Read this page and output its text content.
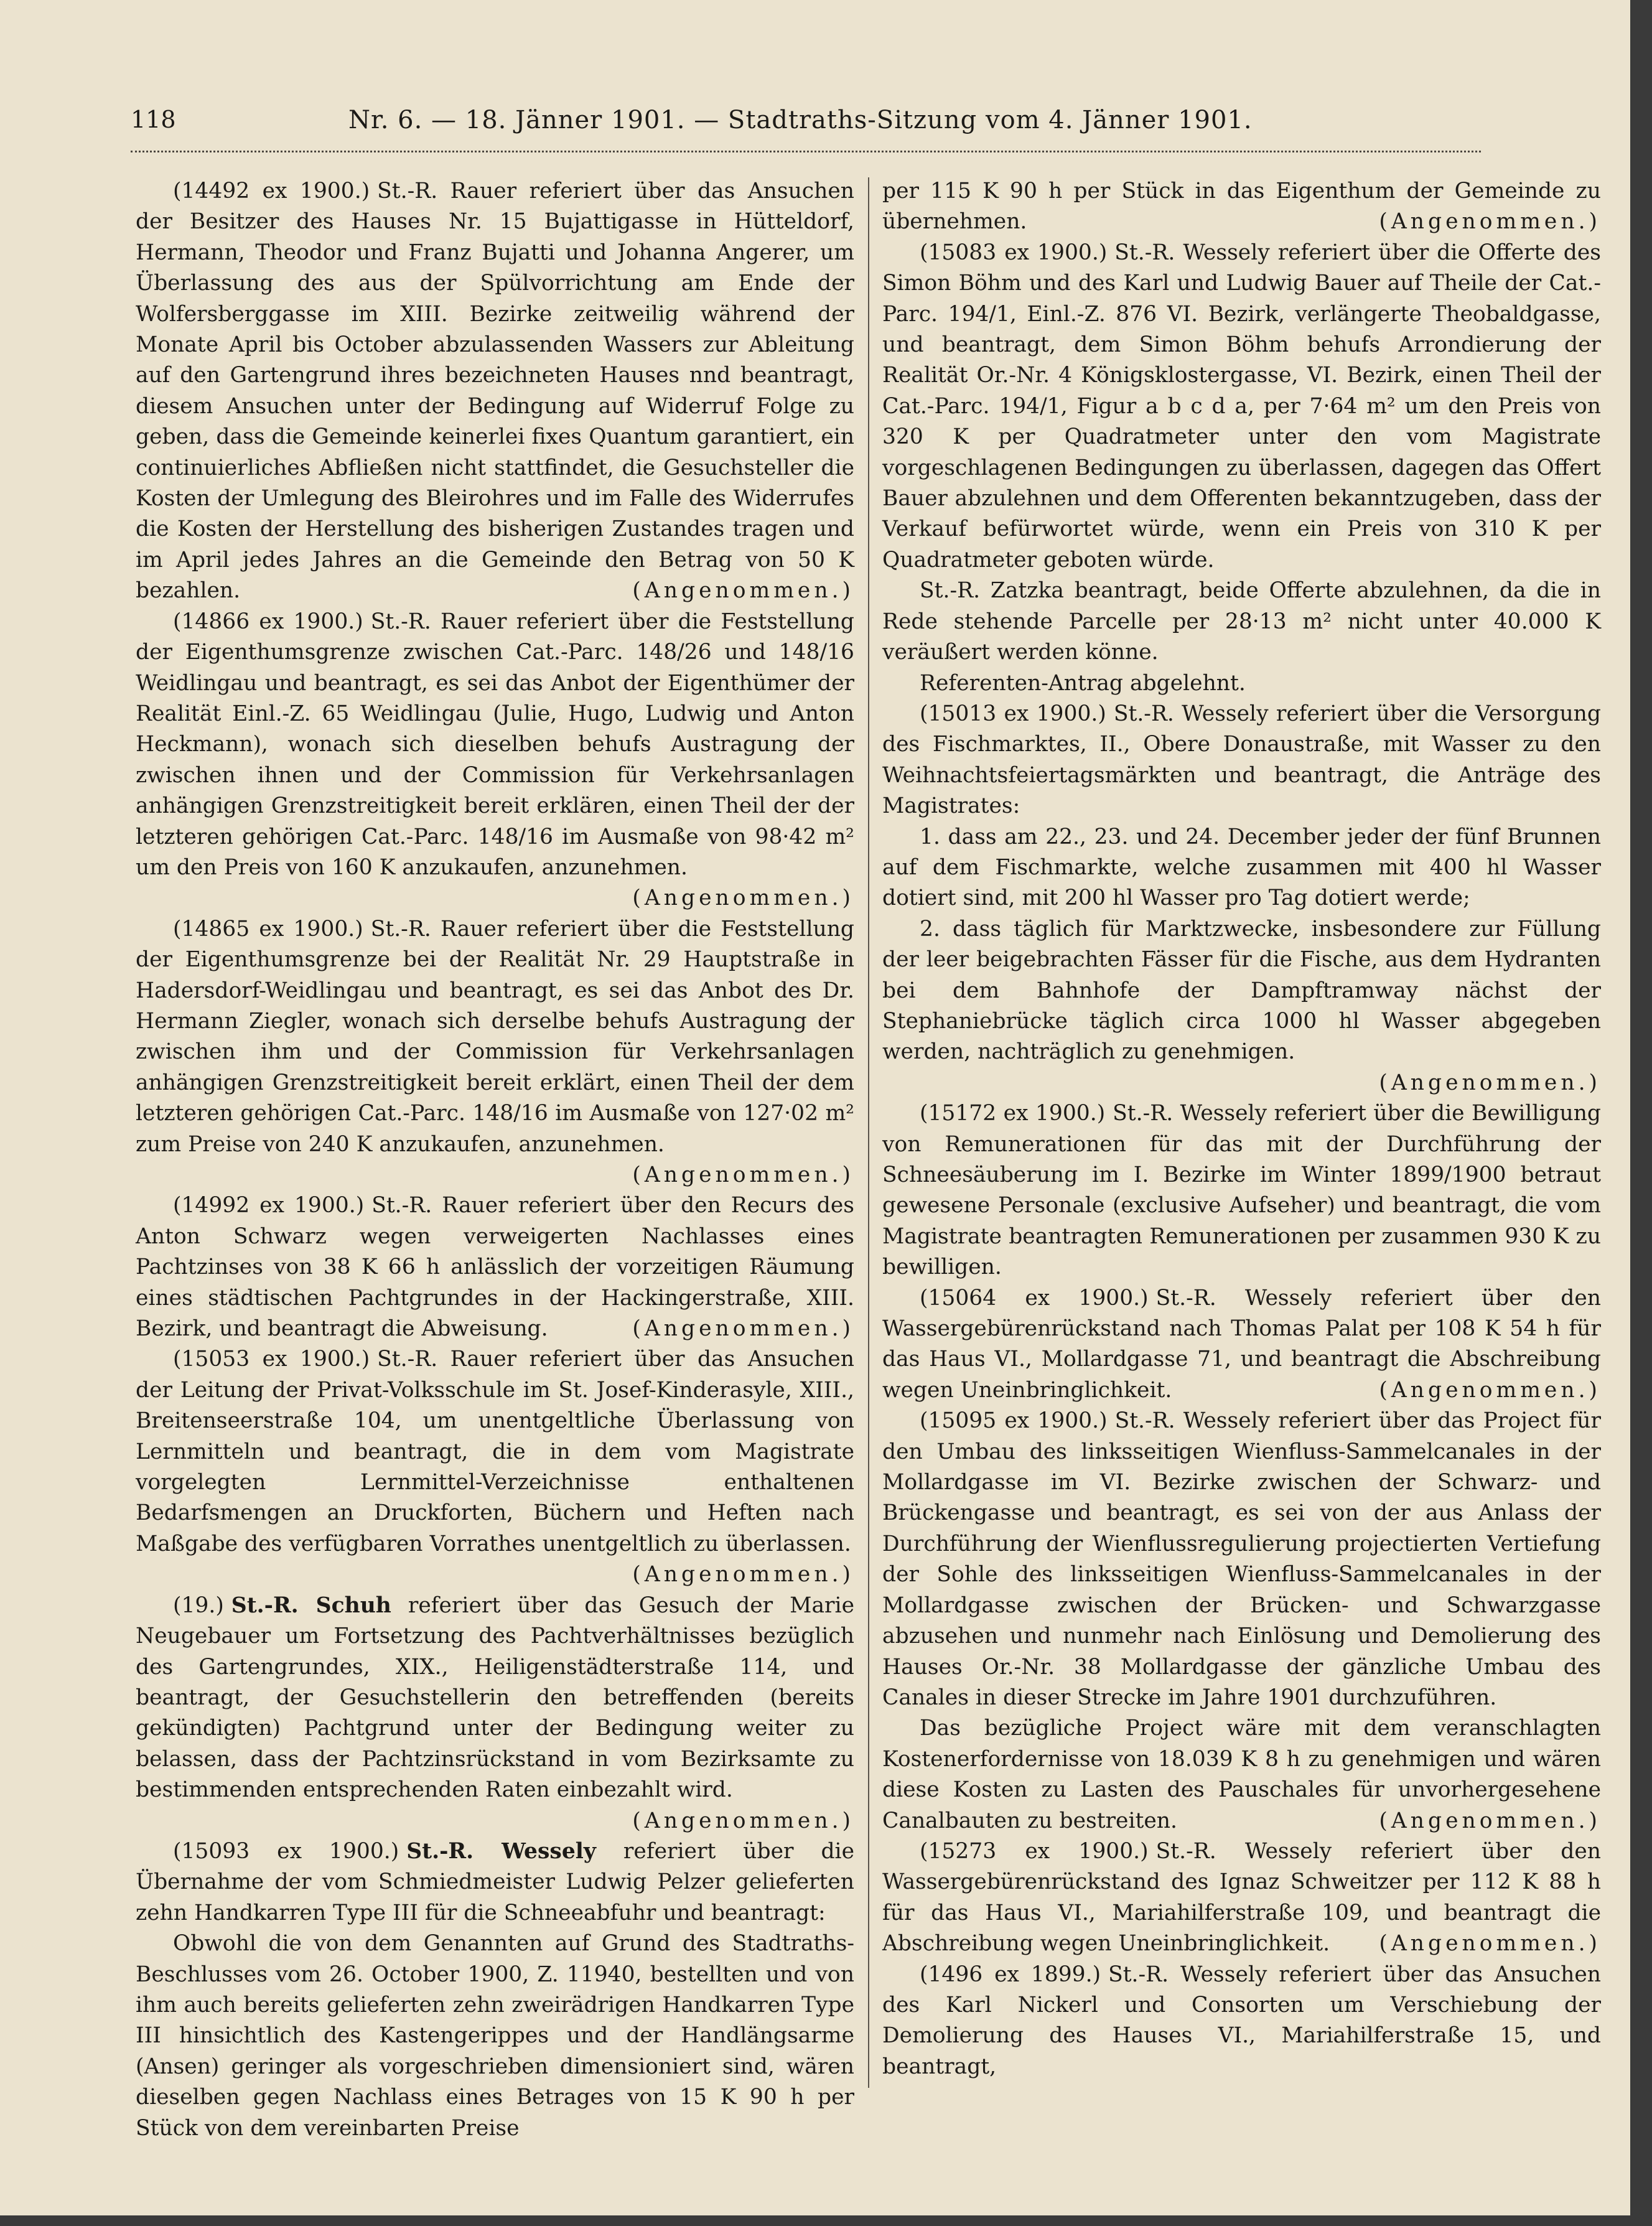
118	Nr. 6. — 18. Jänner 1901. — Stadtraths-Sitzung vom 4. Jänner 1901.

(14492 ex 1900.) St.-R. Rauer referiert über das Ansuchen der Besitzer des Hauses Nr. 15 Bujattigasse in Hütteldorf, Hermann, Theodor und Franz Bujatti und Johanna Angerer, um Überlassung des aus der Spülvorrichtung am Ende der Wolfersberggasse im XIII. Bezirke zeitweilig während der Monate April bis October abzulassenden Wassers zur Ableitung auf den Gartengrund ihres bezeichneten Hauses nnd beantragt, diesem Ansuchen unter der Bedingung auf Widerruf Folge zu geben, dass die Gemeinde keinerlei fixes Quantum garantiert, ein continuierliches Abfließen nicht stattfindet, die Gesuchsteller die Kosten der Umlegung des Bleirohres und im Falle des Widerrufes die Kosten der Herstellung des bisherigen Zustandes tragen und im April jedes Jahres an die Gemeinde den Betrag von 50 K bezahlen.	(Angenommen.)

(14866 ex 1900.) St.-R. Rauer referiert über die Feststellung der Eigenthumsgrenze zwischen Cat.-Parc. 148/26 und 148/16 Weidlingau und beantragt, es sei das Anbot der Eigenthümer der Realität Einl.-Z. 65 Weidlingau (Julie, Hugo, Ludwig und Anton Heckmann), wonach sich dieselben behufs Austragung der zwischen ihnen und der Commission für Verkehrsanlagen anhängigen Grenzstreitigkeit bereit erklären, einen Theil der der letzteren gehörigen Cat.-Parc. 148/16 im Ausmaße von 98·42 m² um den Preis von 160 K anzukaufen, anzunehmen.
(Angenommen.)

(14865 ex 1900.) St.-R. Rauer referiert über die Feststellung der Eigenthumsgrenze bei der Realität Nr. 29 Hauptstraße in Hadersdorf-Weidlingau und beantragt, es sei das Anbot des Dr. Hermann Ziegler, wonach sich derselbe behufs Austragung der zwischen ihm und der Commission für Verkehrsanlagen anhängigen Grenzstreitigkeit bereit erklärt, einen Theil der dem letzteren gehörigen Cat.-Parc. 148/16 im Ausmaße von 127·02 m² zum Preise von 240 K anzukaufen, anzunehmen.
(Angenommen.)

(14992 ex 1900.) St.-R. Rauer referiert über den Recurs des Anton Schwarz wegen verweigerten Nachlasses eines Pachtzinses von 38 K 66 h anlässlich der vorzeitigen Räumung eines städtischen Pachtgrundes in der Hackingerstraße, XIII. Bezirk, und beantragt die Abweisung.	(Angenommen.)

(15053 ex 1900.) St.-R. Rauer referiert über das Ansuchen der Leitung der Privat-Volksschule im St. Josef-Kinderasyle, XIII., Breitenseerstraße 104, um unentgeltliche Überlassung von Lernmitteln und beantragt, die in dem vom Magistrate vorgelegten Lernmittel-Verzeichnisse enthaltenen Bedarfsmengen an Druckforten, Büchern und Heften nach Maßgabe des verfügbaren Vorrathes unentgeltlich zu überlassen.
(Angenommen.)

(19.) St.-R. Schuh referiert über das Gesuch der Marie Neugebauer um Fortsetzung des Pachtverhältnisses bezüglich des Gartengrundes, XIX., Heiligenstädterstraße 114, und beantragt, der Gesuchstellerin den betreffenden (bereits gekündigten) Pachtgrund unter der Bedingung weiter zu belassen, dass der Pachtzinsrückstand in vom Bezirksamte zu bestimmenden entsprechenden Raten einbezahlt wird.

(Angenommen.)

(15093 ex 1900.) St.-R. Wessely referiert über die Übernahme der vom Schmiedmeister Ludwig Pelzer gelieferten zehn Handkarren Type III für die Schneeabfuhr und beantragt:

Obwohl die von dem Genannten auf Grund des Stadtraths-Beschlusses vom 26. October 1900, Z. 11940, bestellten und von ihm auch bereits gelieferten zehn zweirädrigen Handkarren Type III hinsichtlich des Kastengerippes und der Handlängsarme (Ansen) geringer als vorgeschrieben dimensioniert sind, wären dieselben gegen Nachlass eines Betrages von 15 K 90 h per Stück von dem vereinbarten Preise

per 115 K 90 h per Stück in das Eigenthum der Gemeinde zu übernehmen.	(Angenommen.)

(15083 ex 1900.) St.-R. Wessely referiert über die Offerte des Simon Böhm und des Karl und Ludwig Bauer auf Theile der Cat.-Parc. 194/1, Einl.-Z. 876 VI. Bezirk, verlängerte Theobaldgasse, und beantragt, dem Simon Böhm behufs Arrondierung der Realität Or.-Nr. 4 Königsklostergasse, VI. Bezirk, einen Theil der Cat.-Parc. 194/1, Figur a b c d a, per 7·64 m² um den Preis von 320 K per Quadratmeter unter den vom Magistrate vorgeschlagenen Bedingungen zu überlassen, dagegen das Offert Bauer abzulehnen und dem Offerenten bekanntzugeben, dass der Verkauf befürwortet würde, wenn ein Preis von 310 K per Quadratmeter geboten würde.

St.-R. Zatzka beantragt, beide Offerte abzulehnen, da die in Rede stehende Parcelle per 28·13 m² nicht unter 40.000 K veräußert werden könne.

Referenten-Antrag abgelehnt.

(15013 ex 1900.) St.-R. Wessely referiert über die Versorgung des Fischmarktes, II., Obere Donaustraße, mit Wasser zu den Weihnachtsfeiertagsmärkten und beantragt, die Anträge des Magistrates:

1. dass am 22., 23. und 24. December jeder der fünf Brunnen auf dem Fischmarkte, welche zusammen mit 400 hl Wasser dotiert sind, mit 200 hl Wasser pro Tag dotiert werde;

2. dass täglich für Marktzwecke, insbesondere zur Füllung der leer beigebrachten Fässer für die Fische, aus dem Hydranten bei dem Bahnhofe der Dampftramway nächst der Stephaniebrücke täglich circa 1000 hl Wasser abgegeben werden, nachträglich zu genehmigen.

(Angenommen.)

(15172 ex 1900.) St.-R. Wessely referiert über die Bewilligung von Remunerationen für das mit der Durchführung der Schneesäuberung im I. Bezirke im Winter 1899/1900 betraut gewesene Personale (exclusive Aufseher) und beantragt, die vom Magistrate beantragten Remunerationen per zusammen 930 K zu bewilligen.

(15064 ex 1900.) St.-R. Wessely referiert über den Wassergebürenrückstand nach Thomas Palat per 108 K 54 h für das Haus VI., Mollardgasse 71, und beantragt die Abschreibung wegen Uneinbringlichkeit.	(Angenommen.)

(15095 ex 1900.) St.-R. Wessely referiert über das Project für den Umbau des linksseitigen Wienfluss-Sammelcanales in der Mollardgasse im VI. Bezirke zwischen der Schwarz- und Brückengasse und beantragt, es sei von der aus Anlass der Durchführung der Wienflussregulierung projectierten Vertiefung der Sohle des linksseitigen Wienfluss-Sammelcanales in der Mollardgasse zwischen der Brücken- und Schwarzgasse abzusehen und nunmehr nach Einlösung und Demolierung des Hauses Or.-Nr. 38 Mollardgasse der gänzliche Umbau des Canales in dieser Strecke im Jahre 1901 durchzuführen.

Das bezügliche Project wäre mit dem veranschlagten Kostenerfordernisse von 18.039 K 8 h zu genehmigen und wären diese Kosten zu Lasten des Pauschales für unvorhergesehene Canalbauten zu bestreiten.	(Angenommen.)

(15273 ex 1900.) St.-R. Wessely referiert über den Wassergebürenrückstand des Ignaz Schweitzer per 112 K 88 h für das Haus VI., Mariahilferstraße 109, und beantragt die Abschreibung wegen Uneinbringlichkeit. (Angenommen.)

(1496 ex 1899.) St.-R. Wessely referiert über das Ansuchen des Karl Nickerl und Consorten um Verschiebung der Demolierung des Hauses VI., Mariahilferstraße 15, und beantragt,
